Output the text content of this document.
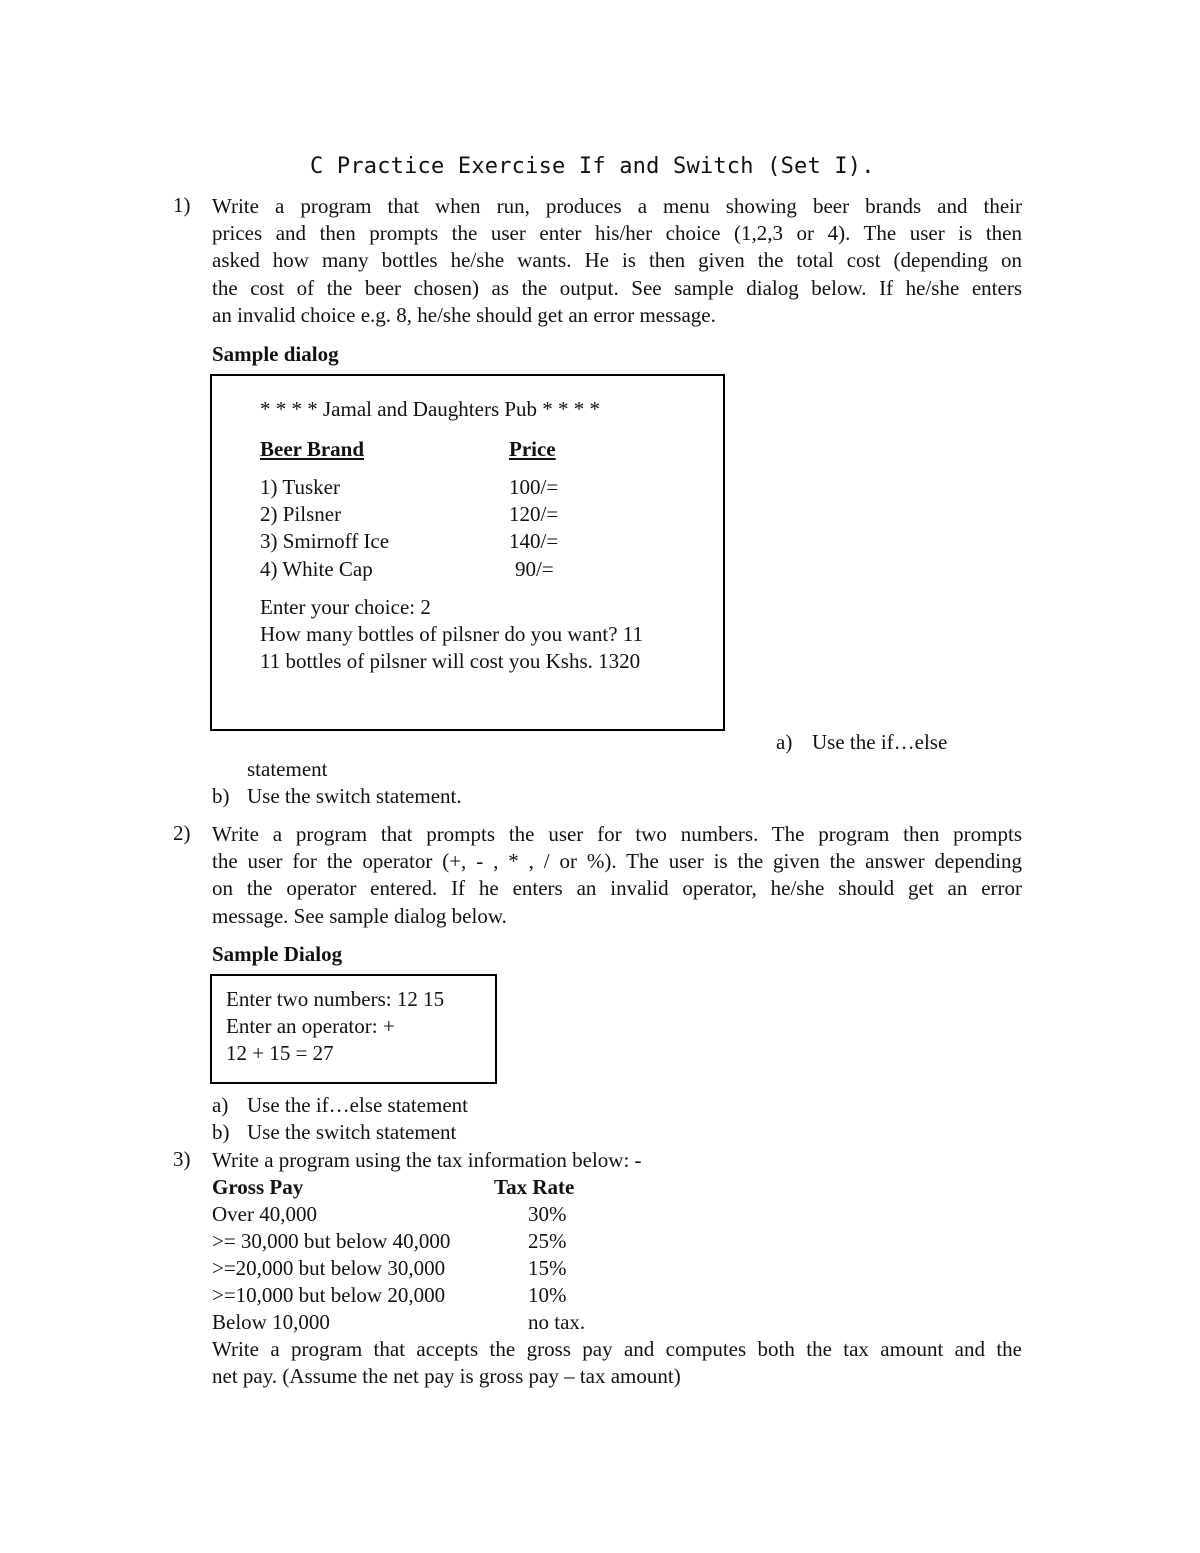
C Practice Exercise If and Switch (Set I).
1) Write a program that when run, produces a menu showing beer brands and their
prices and then prompts the user enter his/her choice (1,2,3 or 4). The user is then
asked how many bottles he/she wants. He is then given the total cost (depending on
the cost of the beer chosen) as the output. See sample dialog below. If he/she enters
an invalid choice e.g. 8, he/she should get an error message.
Sample dialog
* * * * Jamal and Daughters Pub * * * *
Beer Brand	Price
1) Tusker	100/=
2) Pilsner	120/=
3) Smirnoff Ice	140/=
4) White Cap	90/=
Enter your choice: 2
How many bottles of pilsner do you want? 11
11 bottles of pilsner will cost you Kshs. 1320
a) Use the if…else
statement
b) Use the switch statement.
2) Write a program that prompts the user for two numbers. The program then prompts
the user for the operator (+, - , * , / or %). The user is the given the answer depending
on the operator entered. If he enters an invalid operator, he/she should get an error
message. See sample dialog below.
Sample Dialog
Enter two numbers: 12 15
Enter an operator: +
12 + 15 = 27
a) Use the if…else statement
b) Use the switch statement
3) Write a program using the tax information below: -
Gross Pay	Tax Rate
Over 40,000	30%
>= 30,000 but below 40,000	25%
>=20,000 but below 30,000	15%
>=10,000 but below 20,000	10%
Below 10,000	no tax.
Write a program that accepts the gross pay and computes both the tax amount and the
net pay. (Assume the net pay is gross pay – tax amount)
